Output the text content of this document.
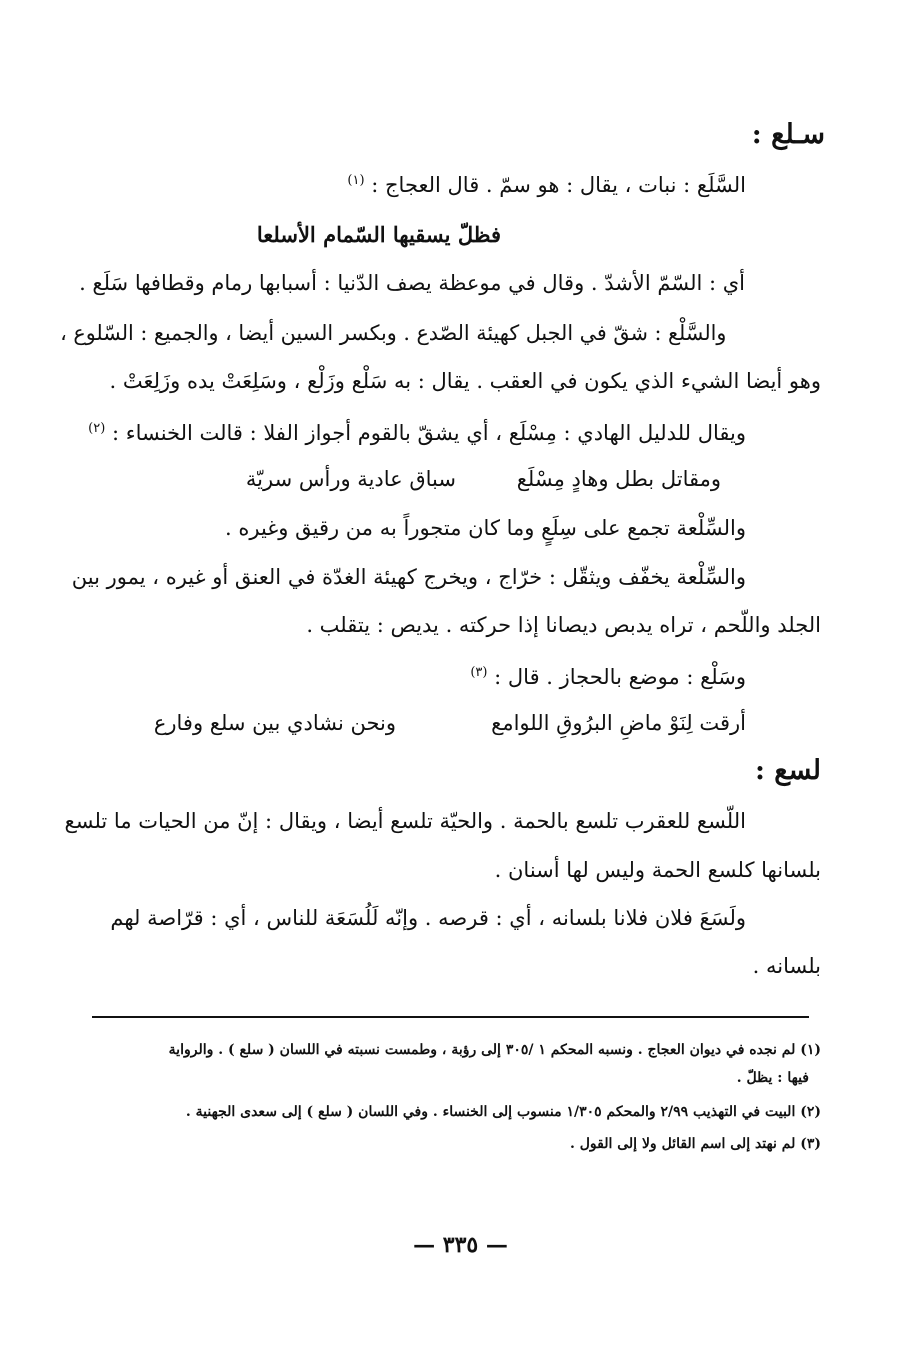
سـلع :
السَّلَع : نبات ، يقال : هو سمّ . قال العجاج : $^{(١)}$
فظلّ يسقيها السّمام الأسلعا
أي : السّمّ الأشدّ . وقال في موعظة يصف الدّنيا : أسبابها رمام وقطافها سَلَع .
والسَّلْع : شقّ في الجبل كهيئة الصّدع . وبكسر السين أيضا ، والجميع : السّلوع ،
وهو أيضا الشيء الذي يكون في العقب . يقال : به سَلْع وزَلْع ، وسَلِعَتْ يده وزَلِعَتْ .
ويقال للدليل الهادي : مِسْلَع ، أي يشقّ بالقوم أجواز الفلا : قالت الخنساء : $^{(٢)}$
ومقاتل بطل وهادٍ مِسْلَع
سباق عادية ورأس سريّة
والسِّلْعة تجمع على سِلَعٍ وما كان متجوراً به من رقيق وغيره .
والسِّلْعة يخفّف ويثقّل : خرّاج ، ويخرج كهيئة الغدّة في العنق أو غيره ، يمور بين
الجلد واللّحم ، تراه يدبص ديصانا إذا حركته . يديص : يتقلب .
وسَلْع : موضع بالحجاز . قال : $^{(٣)}$
أرقت لِنَوْ ماضِ البرُوقِ اللوامع
ونحن نشادي بين سلع وفارع
لسع :
اللّسع للعقرب تلسع بالحمة . والحيّة تلسع أيضا ، ويقال : إنّ من الحيات ما تلسع
بلسانها كلسع الحمة وليس لها أسنان .
ولَسَعَ فلان فلانا بلسانه ، أي : قرصه . وإنّه لَلُسَعَة للناس ، أي : قرّاصة لهم
بلسانه .
(١) لم نجده في ديوان العجاج . ونسبه المحكم ١ /٣٠٥ إلى رؤبة ، وطمست نسبته في اللسان ( سلع ) . والرواية
فيها : يظلّ .
(٢) البيت في التهذيب ٢/٩٩ والمحكم ١/٣٠٥ منسوب إلى الخنساء . وفي اللسان ( سلع ) إلى سعدى الجهنية .
(٣) لم نهتد إلى اسم القائل ولا إلى القول .
— ٣٣٥ —
